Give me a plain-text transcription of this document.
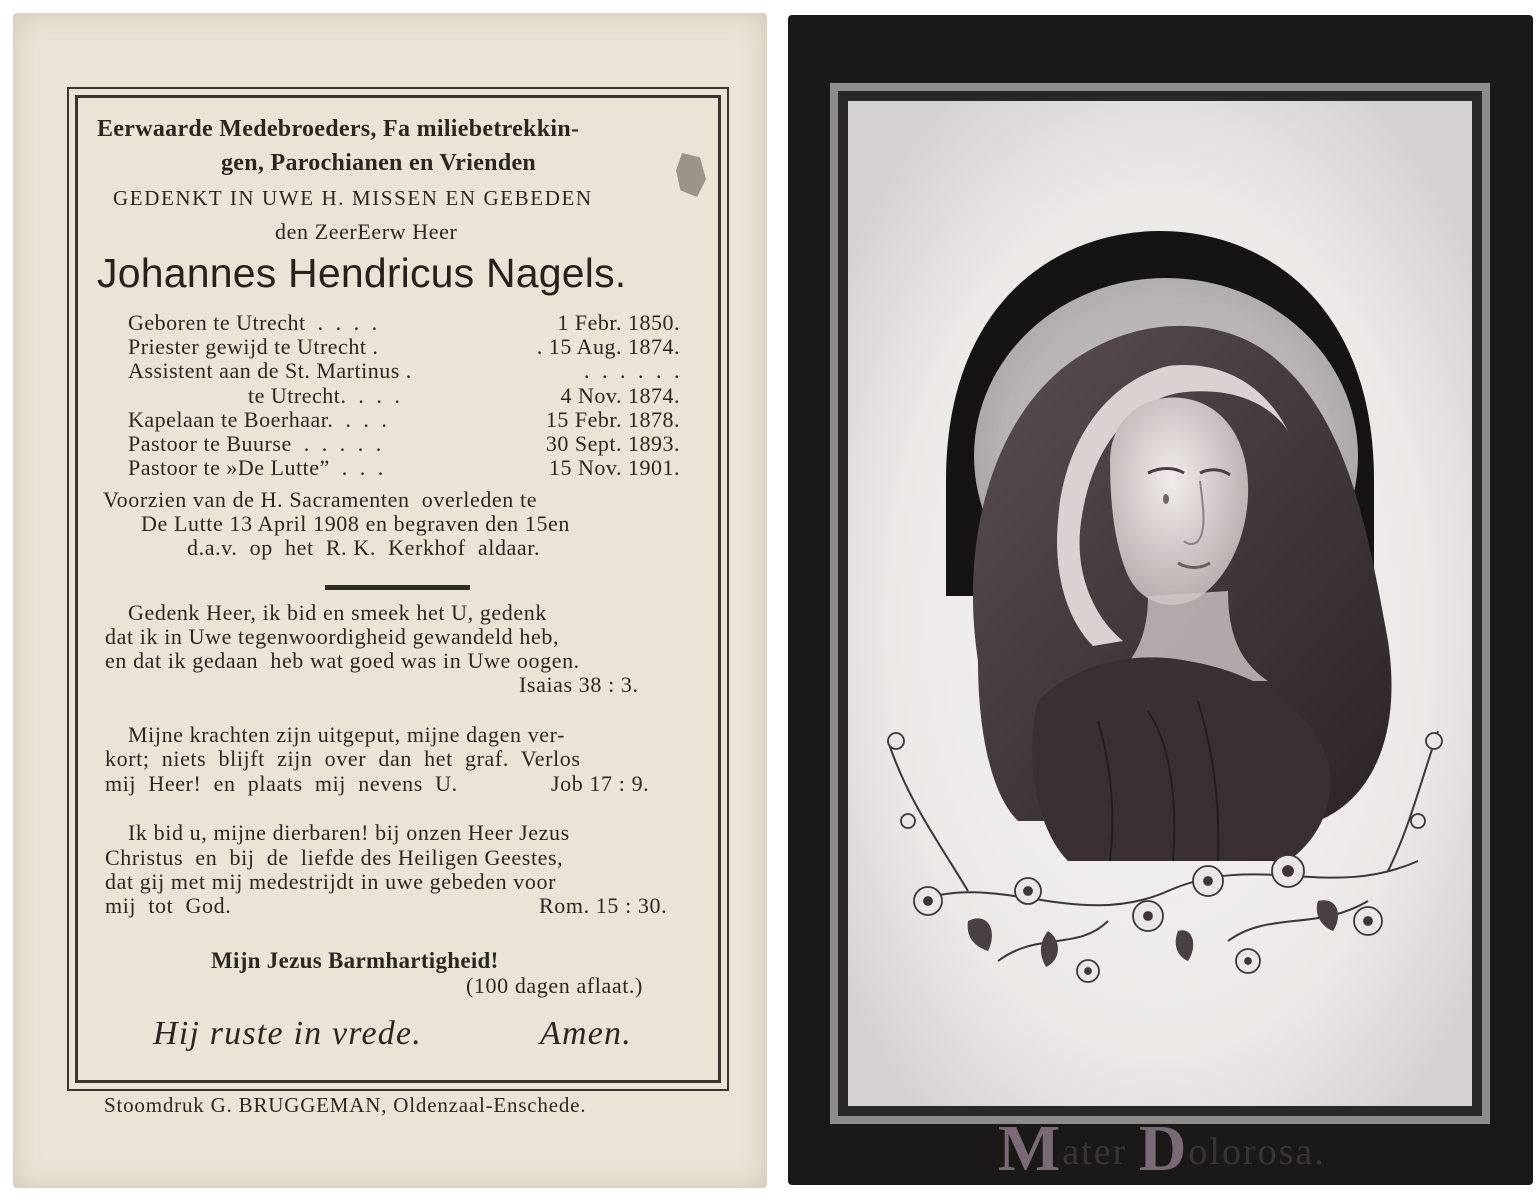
Eerwaarde Medebroeders, Fa miliebetrekkin-
gen, Parochianen en Vrienden
GEDENKT IN UWE H. MISSEN EN GEBEDEN
den ZeerEerw Heer
Johannes Hendricus Nagels.
Geboren te Utrecht  .  .  .  .	1 Febr. 1850.
Priester gewijd te Utrecht .	. 15 Aug. 1874.
Assistent aan de St. Martinus .	.  .  .  .  .  .
te Utrecht.  .  .  .	4 Nov. 1874.
Kapelaan te Boerhaar.  .  .  .	15 Febr. 1878.
Pastoor te Buurse  .  .  .  .  .	30 Sept. 1893.
Pastoor te »De Lutte”  .  .  .	15 Nov. 1901.
Voorzien van de H. Sacramenten  overleden te
De Lutte 13 April 1908 en begraven den 15en
d.a.v.  op  het  R. K.  Kerkhof  aldaar.
Gedenk Heer, ik bid en smeek het U, gedenk
dat ik in Uwe tegenwoordigheid gewandeld heb,
en dat ik gedaan  heb wat goed was in Uwe oogen.
Isaias 38 : 3.
Mijne krachten zijn uitgeput, mijne dagen ver-
kort;  niets  blijft  zijn  over  dan  het  graf.  Verlos
mij  Heer!  en  plaats  mij  nevens  U.	Job 17 : 9.
Ik bid u, mijne dierbaren! bij onzen Heer Jezus
Christus  en  bij  de  liefde des Heiligen Geestes,
dat gij met mij medestrijdt in uwe gebeden voor
mij  tot  God.	Rom. 15 : 30.
Mijn Jezus Barmhartigheid!
(100 dagen aflaat.)
Hij ruste in vrede.	Amen.
Stoomdruk G. BRUGGEMAN, Oldenzaal-Enschede.
Mater Dolorosa.
